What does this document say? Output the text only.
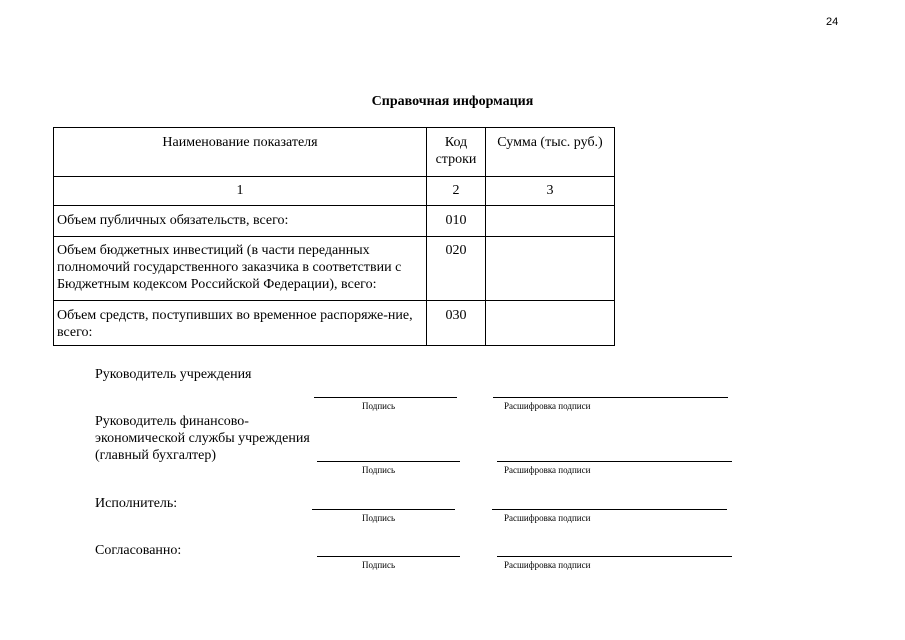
24
Справочная информация
Наименование показателя	Код строки	Сумма (тыс. руб.)
1	2	3
Объем публичных обязательств, всего:	010	
Объем бюджетных инвестиций (в части переданных полномочий государственного заказчика в соответствии с Бюджетным кодексом Российской Федерации), всего:	020	
Объем средств, поступивших во временное распоряже-ние, всего:	030	
Руководитель учреждения
Подпись	Расшифровка подписи
Руководитель финансово-экономической службы учреждения (главный бухгалтер)
Подпись	Расшифровка подписи
Исполнитель:
Подпись	Расшифровка подписи
Согласованно:
Подпись	Расшифровка подписи
